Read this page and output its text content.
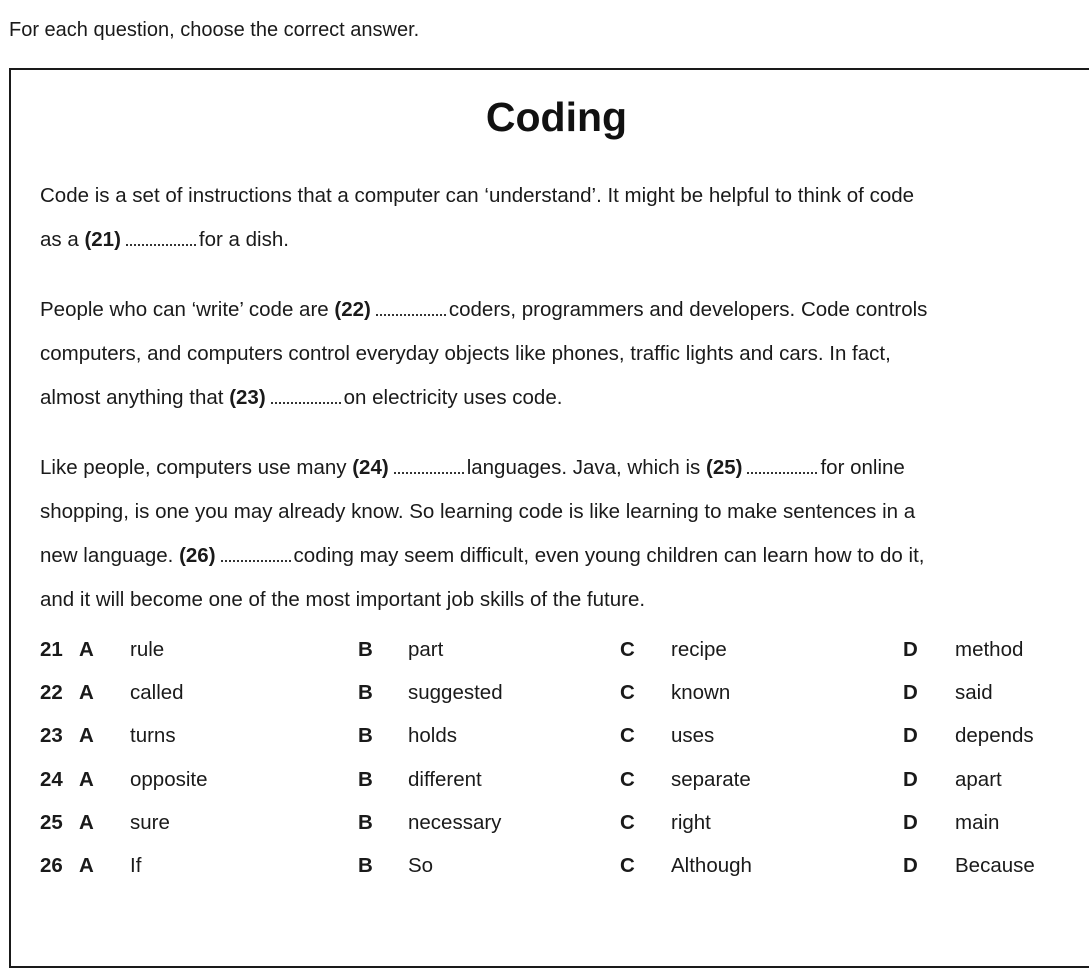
For each question, choose the correct answer.
Coding
Code is a set of instructions that a computer can ‘understand’. It might be helpful to think of code
as a (21)	for a dish.
People who can ‘write’ code are (22)	coders, programmers and developers. Code controls
computers, and computers control everyday objects like phones, traffic lights and cars. In fact,
almost anything that (23)	on electricity uses code.
Like people, computers use many (24)	languages. Java, which is (25)	for online
shopping, is one you may already know. So learning code is like learning to make sentences in a
new language. (26)	coding may seem difficult, even young children can learn how to do it,
and it will become one of the most important job skills of the future.
21 A rule	B part	C recipe	D method
22 A called	B suggested	C known	D said
23 A turns	B holds	C uses	D depends
24 A opposite	B different	C separate	D apart
25 A sure	B necessary	C right	D main
26 A If	B So	C Although	D Because
